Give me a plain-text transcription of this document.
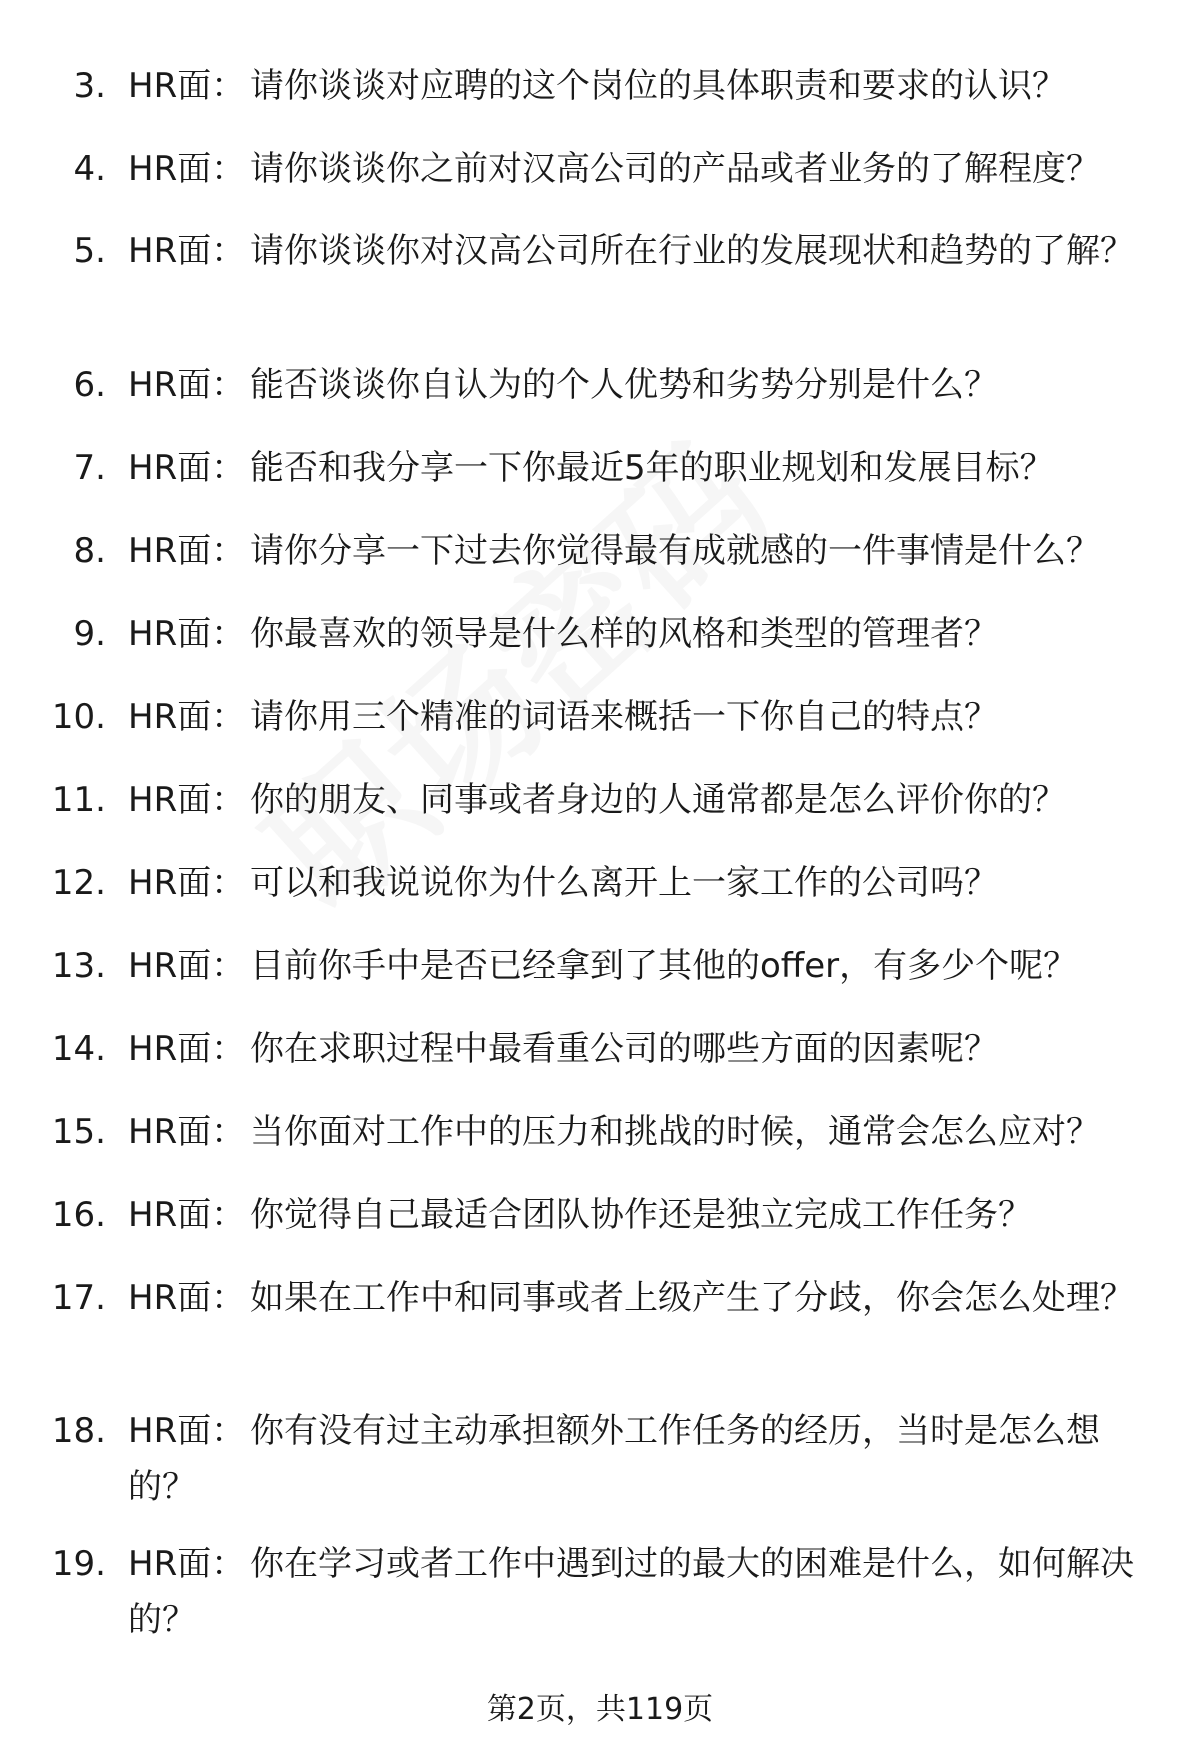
3. HR面： 请你谈谈对应聘的这个岗位的具体职责和要求的认识？
4. HR面： 请你谈谈你之前对汉高公司的产品或者业务的了解程度？
5. HR面： 请你谈谈你对汉高公司所在行业的发展现状和趋势的了解？
6. HR面： 能否谈谈你自认为的个人优势和劣势分别是什么？
7. HR面： 能否和我分享一下你最近5年的职业规划和发展目标？
8. HR面： 请你分享一下过去你觉得最有成就感的一件事情是什么？
9. HR面： 你最喜欢的领导是什么样的风格和类型的管理者？
10. HR面： 请你用三个精准的词语来概括一下你自己的特点？
11. HR面： 你的朋友、同事或者身边的人通常都是怎么评价你的？
12. HR面： 可以和我说说你为什么离开上一家工作的公司吗？
13. HR面： 目前你手中是否已经拿到了其他的offer，有多少个呢？
14. HR面： 你在求职过程中最看重公司的哪些方面的因素呢？
15. HR面： 当你面对工作中的压力和挑战的时候，通常会怎么应对？
16. HR面： 你觉得自己最适合团队协作还是独立完成工作任务？
17. HR面： 如果在工作中和同事或者上级产生了分歧，你会怎么处理？
18. HR面： 你有没有过主动承担额外工作任务的经历，当时是怎么想的？
19. HR面： 你在学习或者工作中遇到过的最大的困难是什么，如何解决的？
第2页，共119页
